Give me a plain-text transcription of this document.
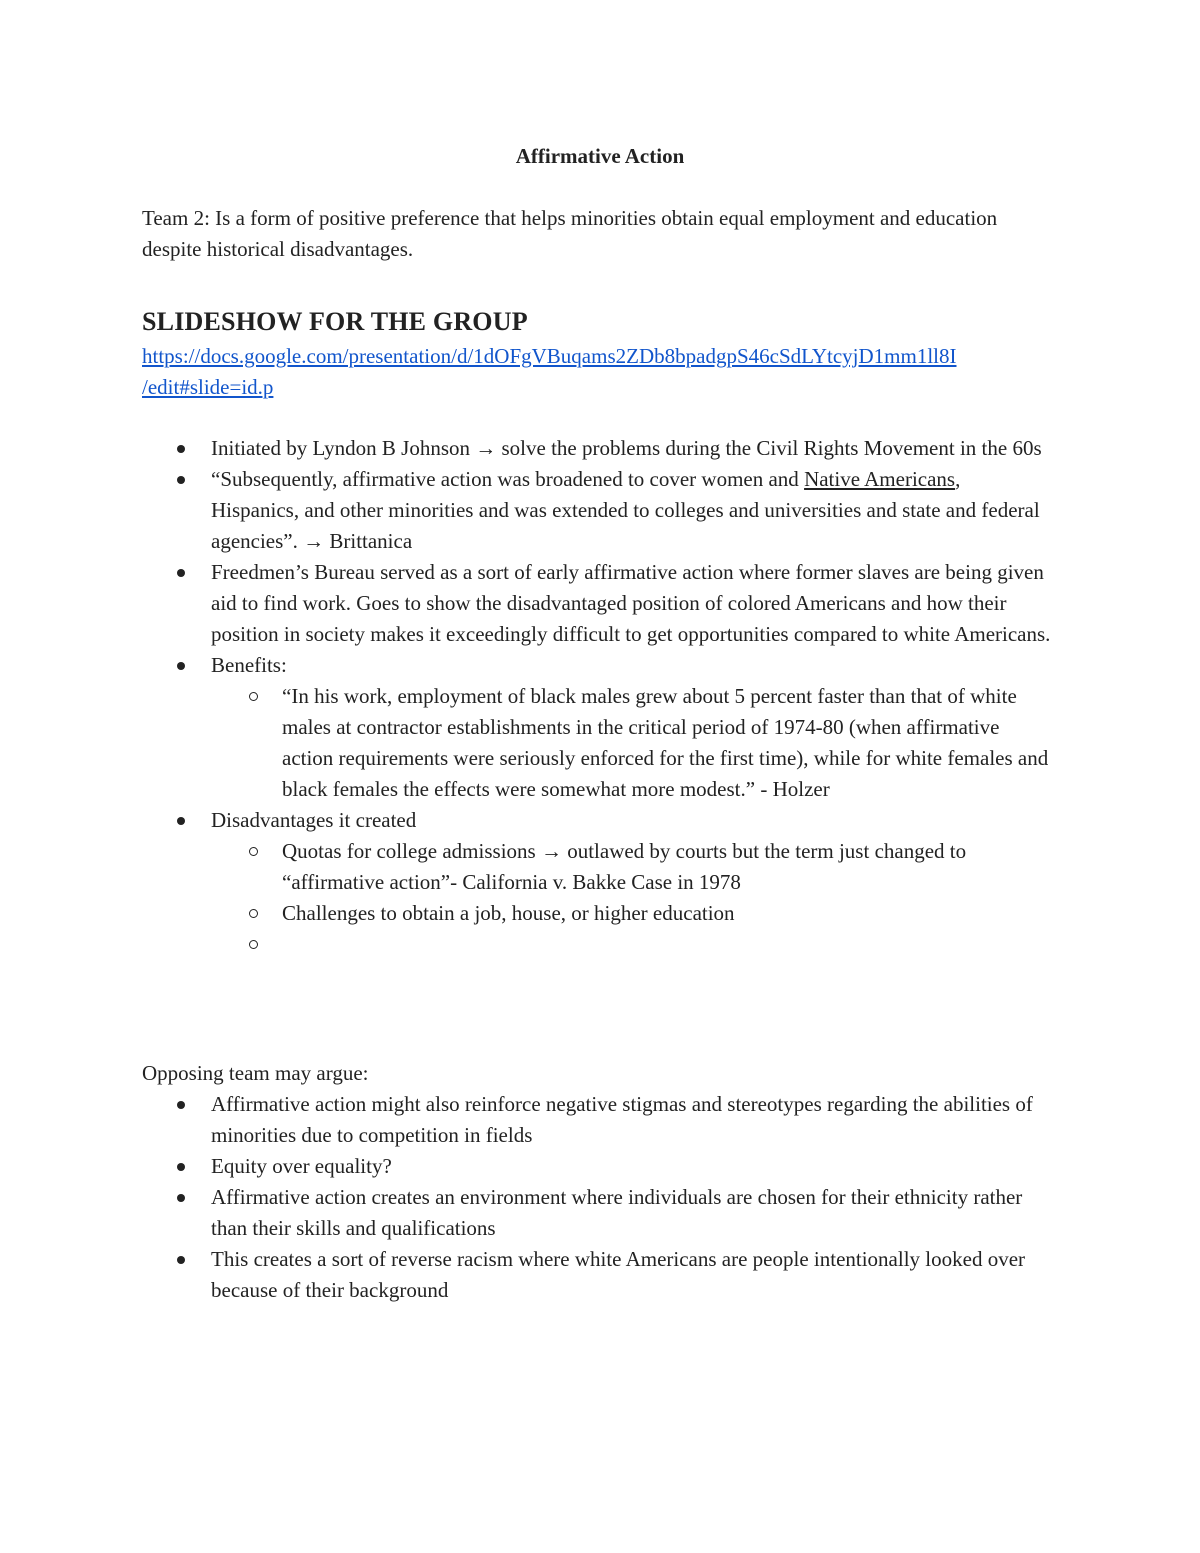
Affirmative Action
Team 2: Is a form of positive preference that helps minorities obtain equal employment and education despite historical disadvantages.
SLIDESHOW FOR THE GROUP
https://docs.google.com/presentation/d/1dOFgVBuqams2ZDb8bpadgpS46cSdLYtcyjD1mm1ll8I
/edit#slide=id.p
Initiated by Lyndon B Johnson → solve the problems during the Civil Rights Movement in the 60s
“Subsequently, affirmative action was broadened to cover women and Native Americans, Hispanics, and other minorities and was extended to colleges and universities and state and federal agencies”. → Brittanica
Freedmen’s Bureau served as a sort of early affirmative action where former slaves are being given aid to find work. Goes to show the disadvantaged position of colored Americans and how their position in society makes it exceedingly difficult to get opportunities compared to white Americans.
Benefits:
“In his work, employment of black males grew about 5 percent faster than that of white males at contractor establishments in the critical period of 1974-80 (when affirmative action requirements were seriously enforced for the first time), while for white females and black females the effects were somewhat more modest.” - Holzer
Disadvantages it created
Quotas for college admissions → outlawed by courts but the term just changed to “affirmative action”- California v. Bakke Case in 1978
Challenges to obtain a job, house, or higher education
Opposing team may argue:
Affirmative action might also reinforce negative stigmas and stereotypes regarding the abilities of minorities due to competition in fields
Equity over equality?
Affirmative action creates an environment where individuals are chosen for their ethnicity rather than their skills and qualifications
This creates a sort of reverse racism where white Americans are people intentionally looked over because of their background
